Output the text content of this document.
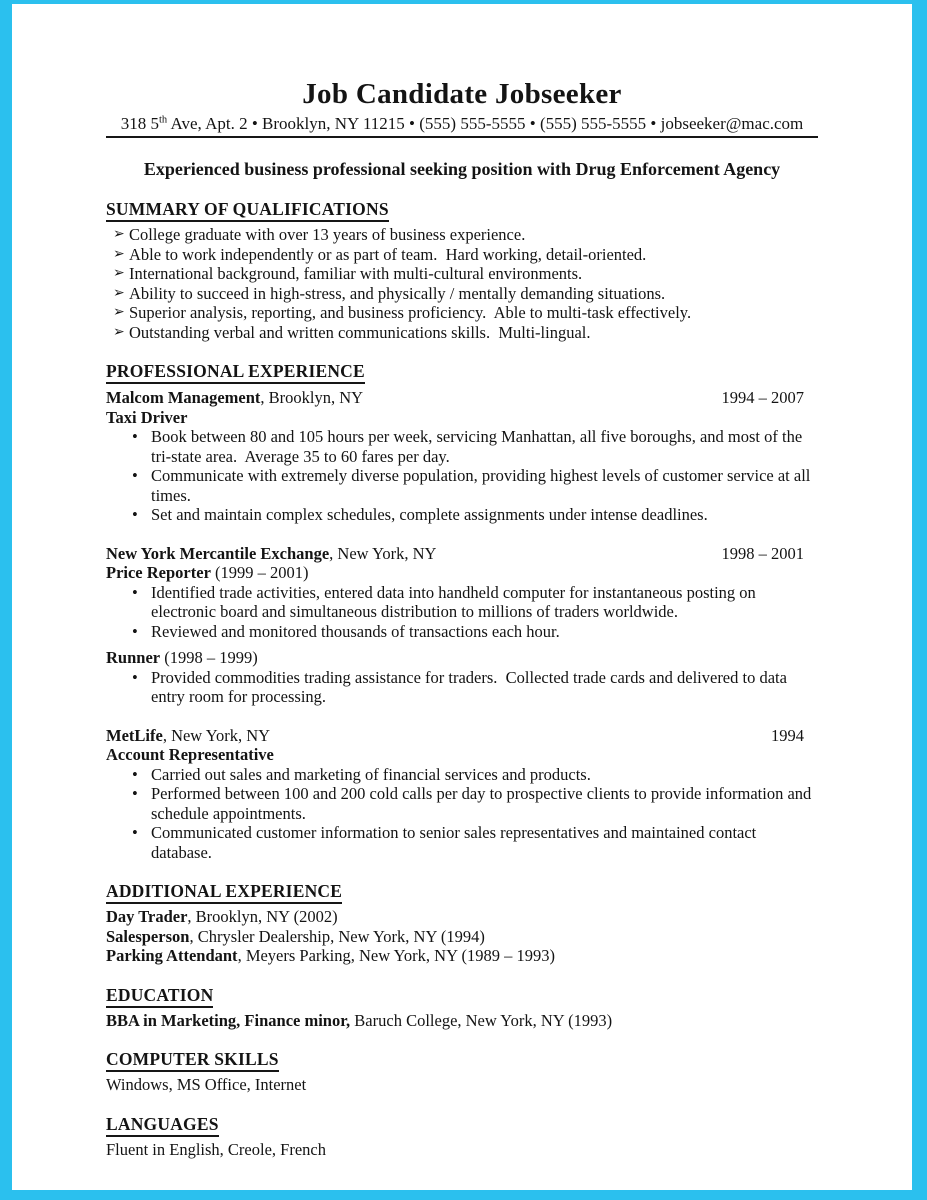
Job Candidate Jobseeker
318 5th Ave, Apt. 2 • Brooklyn, NY 11215 • (555) 555-5555 • (555) 555-5555 • jobseeker@mac.com

Experienced business professional seeking position with Drug Enforcement Agency

SUMMARY OF QUALIFICATIONS
➢ College graduate with over 13 years of business experience.
➢ Able to work independently or as part of team.  Hard working, detail-oriented.
➢ International background, familiar with multi-cultural environments.
➢ Ability to succeed in high-stress, and physically / mentally demanding situations.
➢ Superior analysis, reporting, and business proficiency.  Able to multi-task effectively.
➢ Outstanding verbal and written communications skills.  Multi-lingual.
PROFESSIONAL EXPERIENCE
Malcom Management, Brooklyn, NY	1994 – 2007
Taxi Driver
• Book between 80 and 105 hours per week, servicing Manhattan, all five boroughs, and most of the tri-state area.  Average 35 to 60 fares per day.
• Communicate with extremely diverse population, providing highest levels of customer service at all times.
• Set and maintain complex schedules, complete assignments under intense deadlines.
New York Mercantile Exchange, New York, NY	1998 – 2001
Price Reporter (1999 – 2001)
• Identified trade activities, entered data into handheld computer for instantaneous posting on electronic board and simultaneous distribution to millions of traders worldwide.
• Reviewed and monitored thousands of transactions each hour.
Runner (1998 – 1999)
• Provided commodities trading assistance for traders.  Collected trade cards and delivered to data entry room for processing.
MetLife, New York, NY	1994
Account Representative
• Carried out sales and marketing of financial services and products.
• Performed between 100 and 200 cold calls per day to prospective clients to provide information and schedule appointments.
• Communicated customer information to senior sales representatives and maintained contact database.
ADDITIONAL EXPERIENCE
Day Trader, Brooklyn, NY (2002)
Salesperson, Chrysler Dealership, New York, NY (1994)
Parking Attendant, Meyers Parking, New York, NY (1989 – 1993)
EDUCATION
BBA in Marketing, Finance minor, Baruch College, New York, NY (1993)
COMPUTER SKILLS
Windows, MS Office, Internet
LANGUAGES
Fluent in English, Creole, French
